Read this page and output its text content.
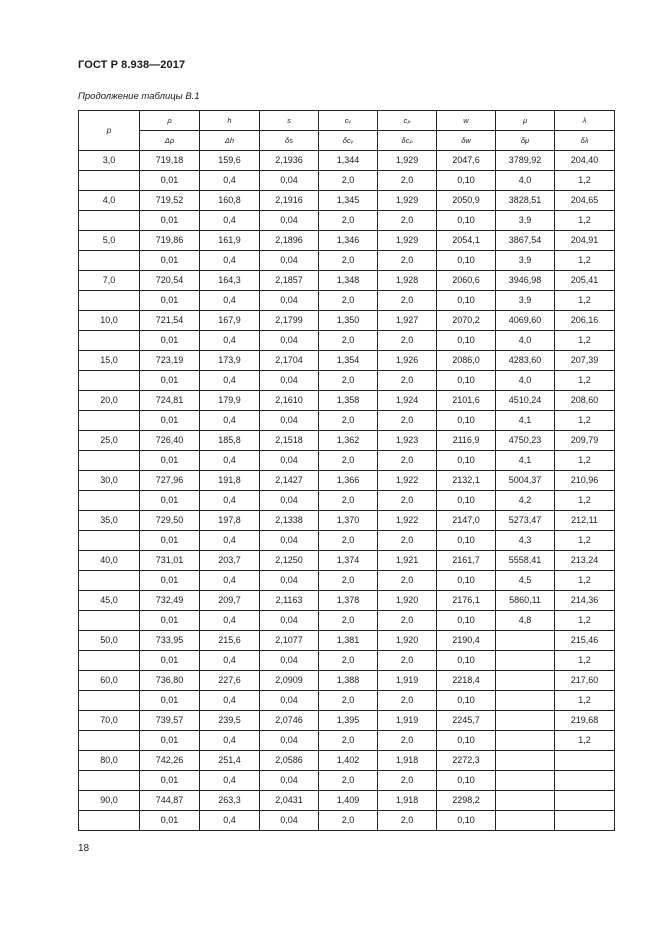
ГОСТ Р 8.938—2017
Продолжение таблицы В.1
p	ρ	h	s	cᵥ	cₚ	w	μ	λ
	Δρ	Δh	δs	δcᵥ	δcₚ	δw	δμ	δλ
3,0	719,18	159,6	2,1936	1,344	1,929	2047,6	3789,92	204,40
	0,01	0,4	0,04	2,0	2,0	0,10	4,0	1,2
4,0	719,52	160,8	2,1916	1,345	1,929	2050,9	3828,51	204,65
	0,01	0,4	0,04	2,0	2,0	0,10	3,9	1,2
5,0	719,86	161,9	2,1896	1,346	1,929	2054,1	3867,54	204,91
	0,01	0,4	0,04	2,0	2,0	0,10	3,9	1,2
7,0	720,54	164,3	2,1857	1,348	1,928	2060,6	3946,98	205,41
	0,01	0,4	0,04	2,0	2,0	0,10	3,9	1,2
10,0	721,54	167,9	2,1799	1,350	1,927	2070,2	4069,60	206,16
	0,01	0,4	0,04	2,0	2,0	0,10	4,0	1,2
15,0	723,19	173,9	2,1704	1,354	1,926	2086,0	4283,60	207,39
	0,01	0,4	0,04	2,0	2,0	0,10	4,0	1,2
20,0	724,81	179,9	2,1610	1,358	1,924	2101,6	4510,24	208,60
	0,01	0,4	0,04	2,0	2,0	0,10	4,1	1,2
25,0	726,40	185,8	2,1518	1,362	1,923	2116,9	4750,23	209,79
	0,01	0,4	0,04	2,0	2,0	0,10	4,1	1,2
30,0	727,96	191,8	2,1427	1,366	1,922	2132,1	5004,37	210,96
	0,01	0,4	0,04	2,0	2,0	0,10	4,2	1,2
35,0	729,50	197,8	2,1338	1,370	1,922	2147,0	5273,47	212,11
	0,01	0,4	0,04	2,0	2,0	0,10	4,3	1,2
40,0	731,01	203,7	2,1250	1,374	1,921	2161,7	5558,41	213,24
	0,01	0,4	0,04	2,0	2,0	0,10	4,5	1,2
45,0	732,49	209,7	2,1163	1,378	1,920	2176,1	5860,11	214,36
	0,01	0,4	0,04	2,0	2,0	0,10	4,8	1,2
50,0	733,95	215,6	2,1077	1,381	1,920	2190,4		215,46
	0,01	0,4	0,04	2,0	2,0	0,10		1,2
60,0	736,80	227,6	2,0909	1,388	1,919	2218,4		217,60
	0,01	0,4	0,04	2,0	2,0	0,10		1,2
70,0	739,57	239,5	2,0746	1,395	1,919	2245,7		219,68
	0,01	0,4	0,04	2,0	2,0	0,10		1,2
80,0	742,26	251,4	2,0586	1,402	1,918	2272,3		
	0,01	0,4	0,04	2,0	2,0	0,10		
90,0	744,87	263,3	2,0431	1,409	1,918	2298,2		
	0,01	0,4	0,04	2,0	2,0	0,10		
18
